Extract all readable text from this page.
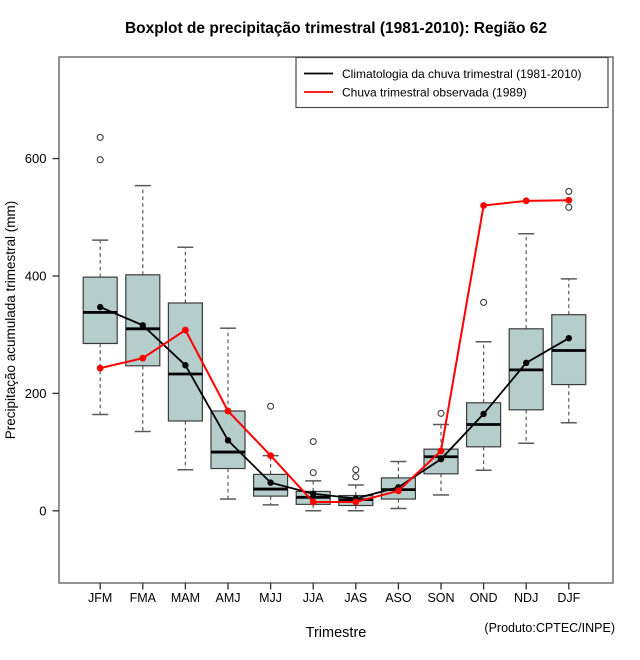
Boxplot de precipitação trimestral (1981-2010): Região 62
Precipitação acumulada trimestral (mm)
0
200
400
600
JFM FMA MAM AMJ MJJ JJA JAS ASO SON OND NDJ DJF
Climatologia da chuva trimestral (1981-2010)
Chuva trimestral observada (1989)
Trimestre	(Produto:CPTEC/INPE)
